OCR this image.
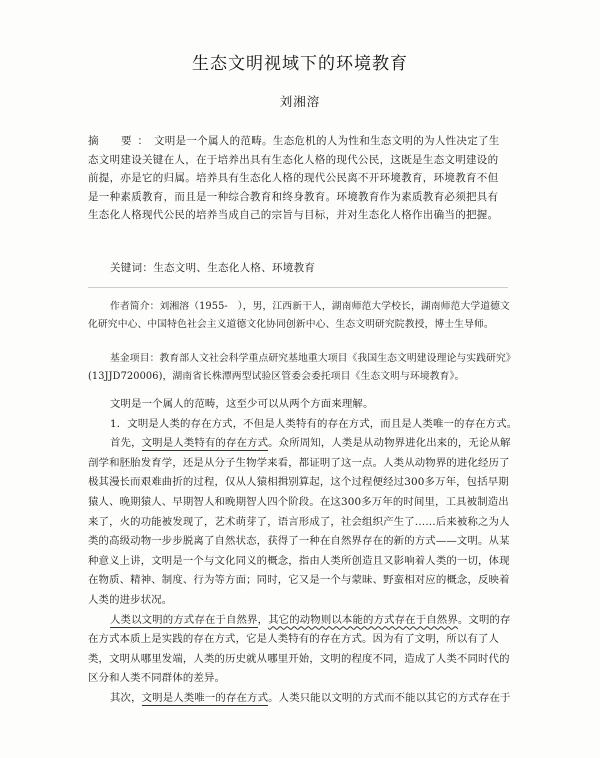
生态文明视域下的环境教育
刘湘溶
摘　要：文明是一个属人的范畴。生态危机的人为性和生态文明的为人性决定了生态文明建设关键在人，在于培养出具有生态化人格的现代公民，这既是生态文明建设的前提，亦是它的归属。培养具有生态化人格的现代公民离不开环境教育，环境教育不但是一种素质教育，而且是一种综合教育和终身教育。环境教育作为素质教育必须把具有生态化人格现代公民的培养当成自己的宗旨与目标，并对生态化人格作出确当的把握。
关键词：生态文明、生态化人格、环境教育
作者简介：刘湘溶（1955-　），男，江西新干人，湖南师范大学校长，湖南师范大学道德文化研究中心、中国特色社会主义道德文化协同创新中心、生态文明研究院教授，博士生导师。
基金项目：教育部人文社会科学重点研究基地重大项目《我国生态文明建设理论与实践研究》(13JJD720006)，湖南省长株潭两型试验区管委会委托项目《生态文明与环境教育》。

文明是一个属人的范畴，这至少可以从两个方面来理解。

1．文明是人类的存在方式，不但是人类特有的存在方式，而且是人类唯一的存在方式。

首先，文明是人类特有的存在方式。众所周知，人类是从动物界进化出来的，无论从解剖学和胚胎发育学，还是从分子生物学来看，都证明了这一点。人类从动物界的进化经历了极其漫长而艰难曲折的过程，仅从人猿相揖别算起，这个过程便经过300多万年，包括早期猿人、晚期猿人、早期智人和晚期智人四个阶段。在这300多万年的时间里，工具被制造出来了，火的功能被发现了，艺术萌芽了，语言形成了，社会组织产生了……后来被称之为人类的高级动物一步步脱离了自然状态，获得了一种在自然界存在的新的方式——文明。从某种意义上讲，文明是一个与文化同义的概念，指由人类所创造且又影响着人类的一切，体现在物质、精神、制度、行为等方面；同时，它又是一个与蒙昧、野蛮相对应的概念，反映着人类的进步状况。

人类以文明的方式存在于自然界，其它的动物则以本能的方式存在于自然界。文明的存在方式本质上是实践的存在方式，它是人类特有的存在方式。因为有了文明，所以有了人类，文明从哪里发端，人类的历史就从哪里开始，文明的程度不同，造成了人类不同时代的区分和人类不同群体的差异。

其次，文明是人类唯一的存在方式。人类只能以文明的方式而不能以其它的方式存在于
